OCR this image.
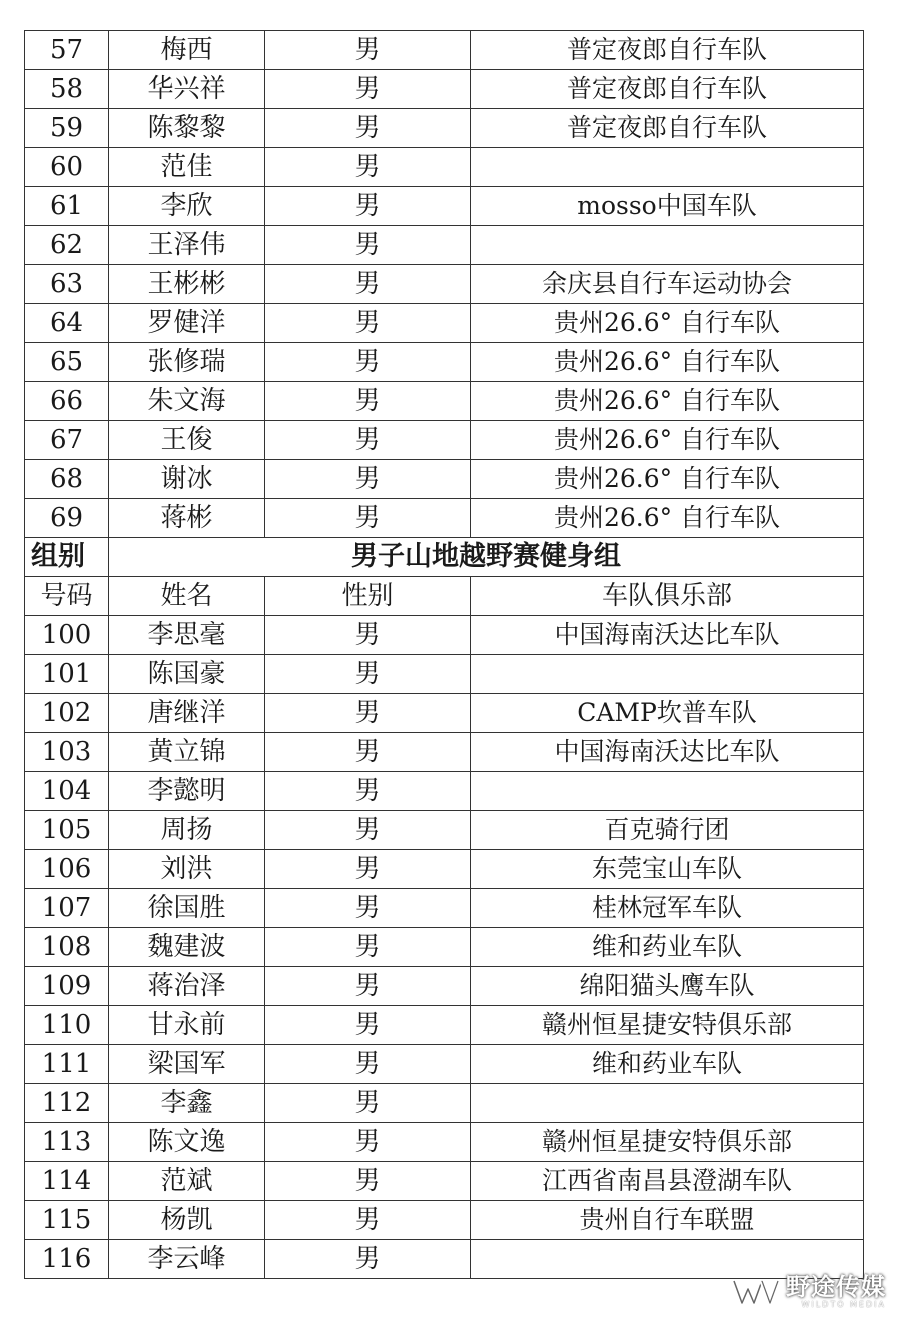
57	梅西	男	普定夜郎自行车队
58	华兴祥	男	普定夜郎自行车队
59	陈黎黎	男	普定夜郎自行车队
60	范佳	男	
61	李欣	男	mosso中国车队
62	王泽伟	男	
63	王彬彬	男	余庆县自行车运动协会
64	罗健洋	男	贵州26.6° 自行车队
65	张修瑞	男	贵州26.6° 自行车队
66	朱文海	男	贵州26.6° 自行车队
67	王俊	男	贵州26.6° 自行车队
68	谢冰	男	贵州26.6° 自行车队
69	蒋彬	男	贵州26.6° 自行车队
组别	男子山地越野赛健身组		
号码	姓名	性别	车队俱乐部
100	李思毫	男	中国海南沃达比车队
101	陈国豪	男	
102	唐继洋	男	CAMP坎普车队
103	黄立锦	男	中国海南沃达比车队
104	李懿明	男	
105	周扬	男	百克骑行团
106	刘洪	男	东莞宝山车队
107	徐国胜	男	桂林冠军车队
108	魏建波	男	维和药业车队
109	蒋治泽	男	绵阳猫头鹰车队
110	甘永前	男	赣州恒星捷安特俱乐部
111	梁国军	男	维和药业车队
112	李鑫	男	
113	陈文逸	男	赣州恒星捷安特俱乐部
114	范斌	男	江西省南昌县澄湖车队
115	杨凯	男	贵州自行车联盟
116	李云峰	男	
野途传媒
WILDTO MEDIA
